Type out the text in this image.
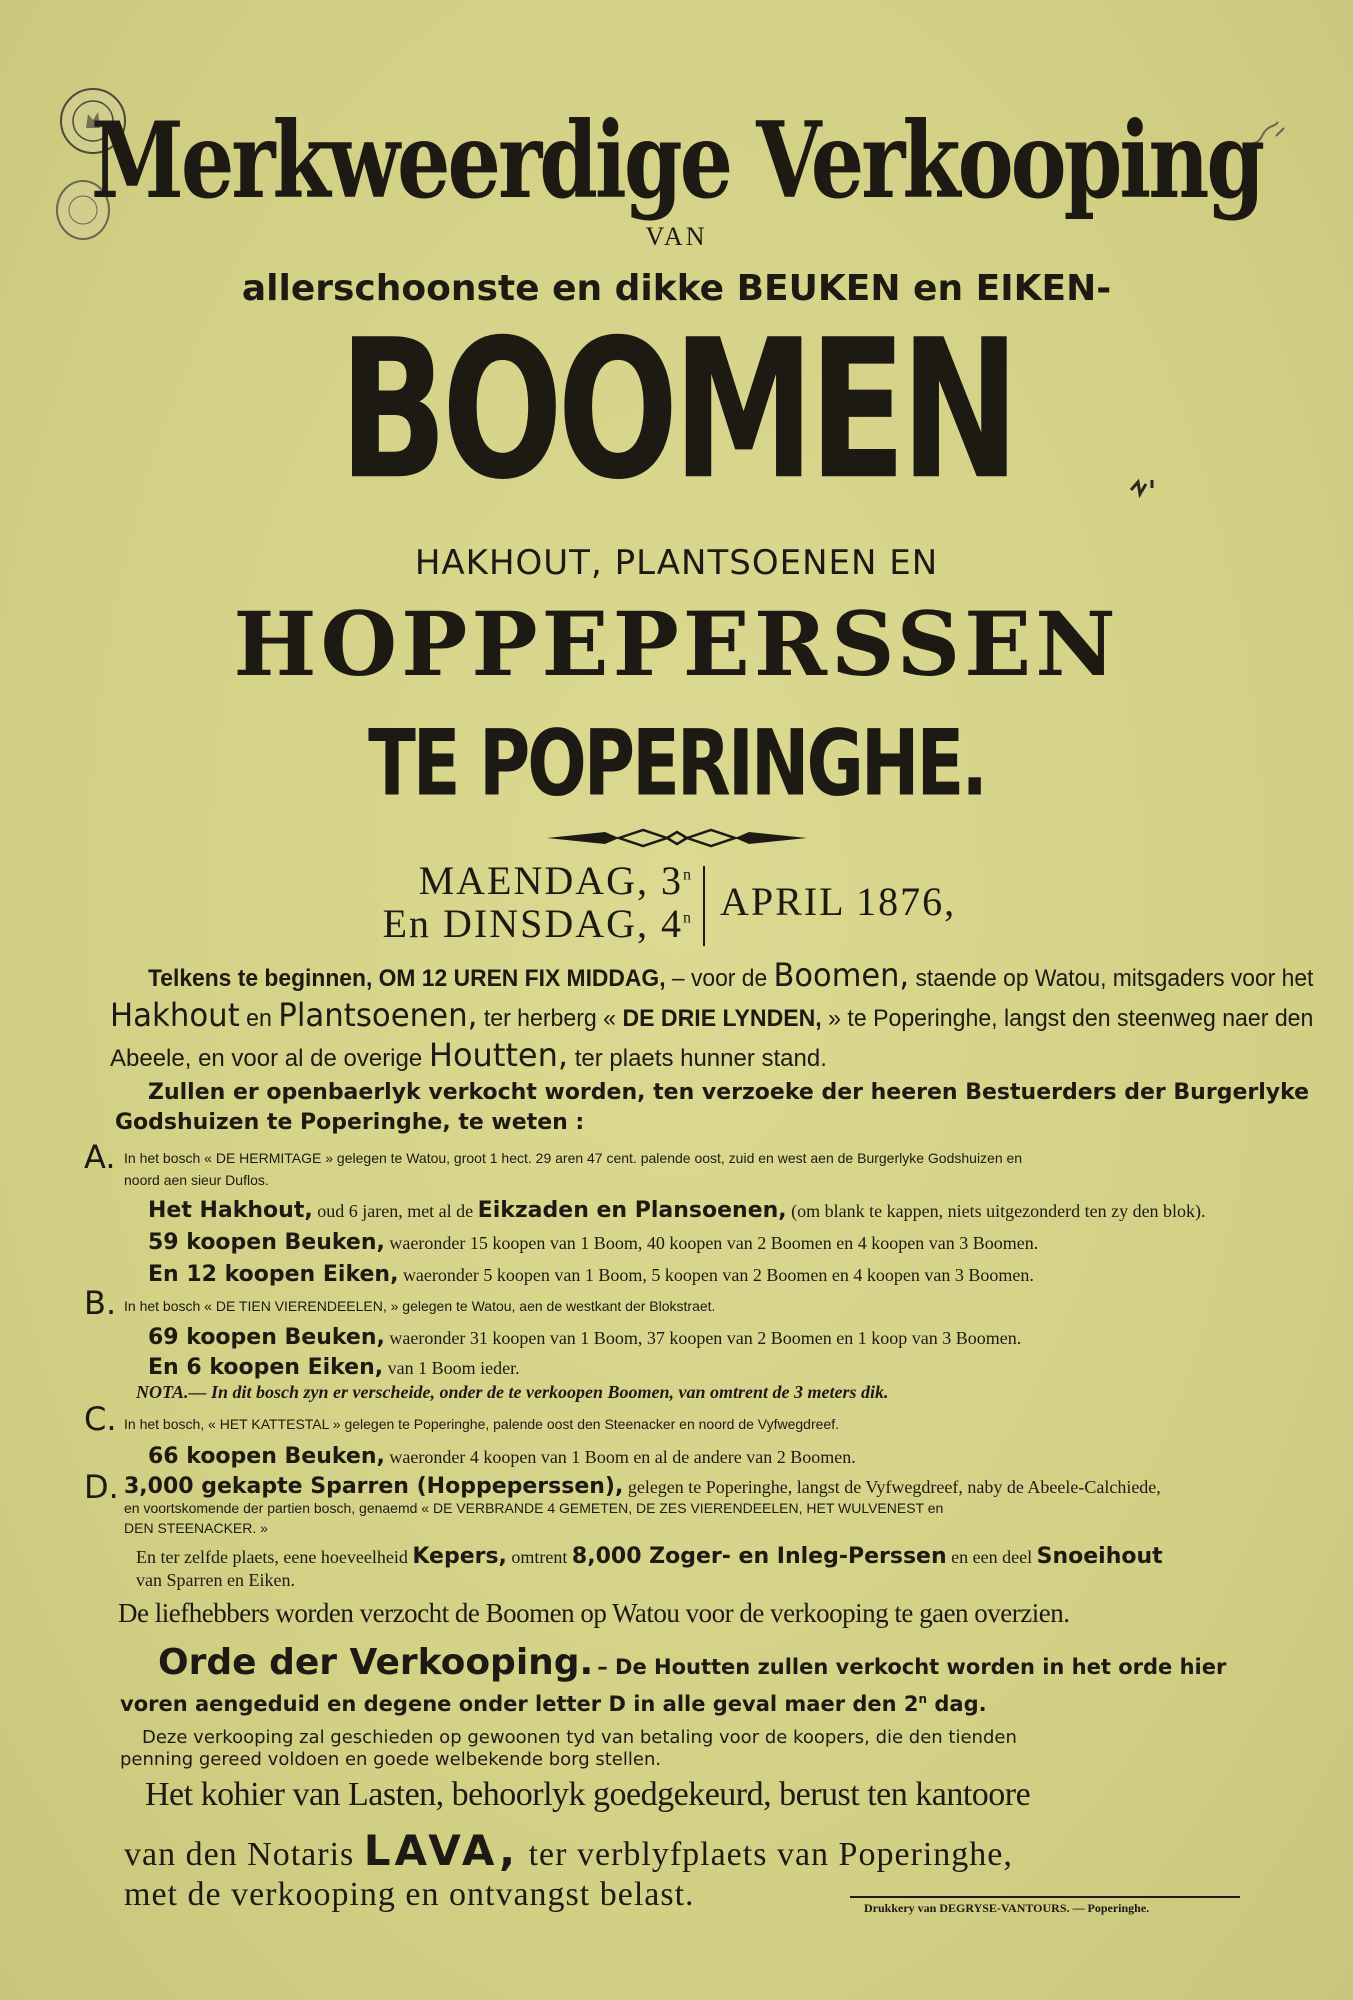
Merkweerdige Verkooping
VAN
allerschoonste en dikke BEUKEN en EIKEN-
BOOMEN
HAKHOUT, PLANTSOENEN EN
HOPPEPERSSEN
TE POPERINGHE.
MAENDAG, 3$^n$
En DINSDAG, 4$^n$ APRIL 1876,
Telkens te beginnen, OM 12 UREN FIX MIDDAG, – voor de Boomen, staende op Watou, mitsgaders voor het
Hakhout en Plantsoenen, ter herberg « DE DRIE LYNDEN, » te Poperinghe, langst den steenweg naer den
Abeele, en voor al de overige Houtten, ter plaets hunner stand.
Zullen er openbaerlyk verkocht worden, ten verzoeke der heeren Bestuerders der Burgerlyke
Godshuizen te Poperinghe, te weten :
A. In het bosch « DE HERMITAGE » gelegen te Watou, groot 1 hect. 29 aren 47 cent. palende oost, zuid en west aen de Burgerlyke Godshuizen en
noord aen sieur Duflos.
Het Hakhout, oud 6 jaren, met al de Eikzaden en Plansoenen, (om blank te kappen, niets uitgezonderd ten zy den blok).
59 koopen Beuken, waeronder 15 koopen van 1 Boom, 40 koopen van 2 Boomen en 4 koopen van 3 Boomen.
En 12 koopen Eiken, waeronder 5 koopen van 1 Boom, 5 koopen van 2 Boomen en 4 koopen van 3 Boomen.
B. In het bosch « DE TIEN VIERENDEELEN, » gelegen te Watou, aen de westkant der Blokstraet.
69 koopen Beuken, waeronder 31 koopen van 1 Boom, 37 koopen van 2 Boomen en 1 koop van 3 Boomen.
En 6 koopen Eiken, van 1 Boom ieder.
NOTA.— In dit bosch zyn er verscheide, onder de te verkoopen Boomen, van omtrent de 3 meters dik.
C. In het bosch, « HET KATTESTAL » gelegen te Poperinghe, palende oost den Steenacker en noord de Vyfwegdreef.
66 koopen Beuken, waeronder 4 koopen van 1 Boom en al de andere van 2 Boomen.
D. 3,000 gekapte Sparren (Hoppeperssen), gelegen te Poperinghe, langst de Vyfwegdreef, naby de Abeele-Calchiede,
en voortskomende der partien bosch, genaemd « DE VERBRANDE 4 GEMETEN, DE ZES VIERENDEELEN, HET WULVENEST en
DEN STEENACKER. »
En ter zelfde plaets, eene hoeveelheid Kepers, omtrent 8,000 Zoger- en Inleg-Perssen en een deel Snoeihout
van Sparren en Eiken.
De liefhebbers worden verzocht de Boomen op Watou voor de verkooping te gaen overzien.
Orde der Verkooping. – De Houtten zullen verkocht worden in het orde hier
voren aengeduid en degene onder letter D in alle geval maer den 2$^n$ dag.
Deze verkooping zal geschieden op gewoonen tyd van betaling voor de koopers, die den tienden
penning gereed voldoen en goede welbekende borg stellen.
Het kohier van Lasten, behoorlyk goedgekeurd, berust ten kantoore
van den Notaris LAVA, ter verblyfplaets van Poperinghe,
met de verkooping en ontvangst belast.	Drukkery van DEGRYSE-VANTOURS. — Poperinghe.
